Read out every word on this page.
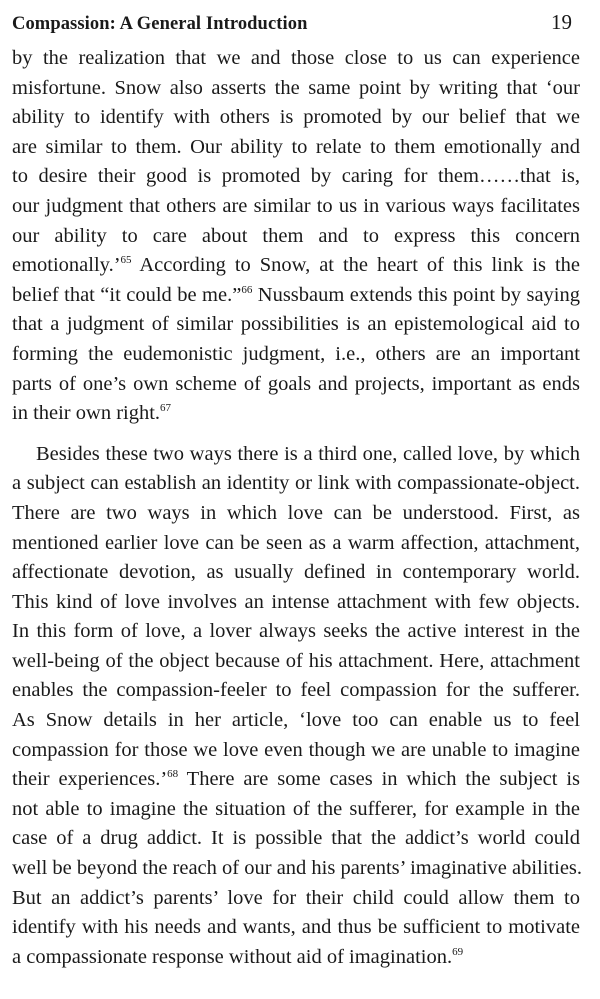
Compassion: A General Introduction	19

by the realization that we and those close to us can experience
misfortune. Snow also asserts the same point by writing that ‘our
ability to identify with others is promoted by our belief that we
are similar to them. Our ability to relate to them emotionally and
to desire their good is promoted by caring for them……that is,
our judgment that others are similar to us in various ways facilitates
our ability to care about them and to express this concern
emotionally.’$^{65}$ According to Snow, at the heart of this link is the
belief that “it could be me.”$^{66}$ Nussbaum extends this point by saying
that a judgment of similar possibilities is an epistemological aid to
forming the eudemonistic judgment, i.e., others are an important
parts of one’s own scheme of goals and projects, important as ends
in their own right.$^{67}$

Besides these two ways there is a third one, called love, by which
a subject can establish an identity or link with compassionate-object.
There are two ways in which love can be understood. First, as
mentioned earlier love can be seen as a warm affection, attachment,
affectionate devotion, as usually defined in contemporary world.
This kind of love involves an intense attachment with few objects.
In this form of love, a lover always seeks the active interest in the
well-being of the object because of his attachment. Here, attachment
enables the compassion-feeler to feel compassion for the sufferer.
As Snow details in her article, ‘love too can enable us to feel
compassion for those we love even though we are unable to imagine
their experiences.’$^{68}$ There are some cases in which the subject is
not able to imagine the situation of the sufferer, for example in the
case of a drug addict. It is possible that the addict’s world could
well be beyond the reach of our and his parents’ imaginative abilities.
But an addict’s parents’ love for their child could allow them to
identify with his needs and wants, and thus be sufficient to motivate
a compassionate response without aid of imagination.$^{69}$
